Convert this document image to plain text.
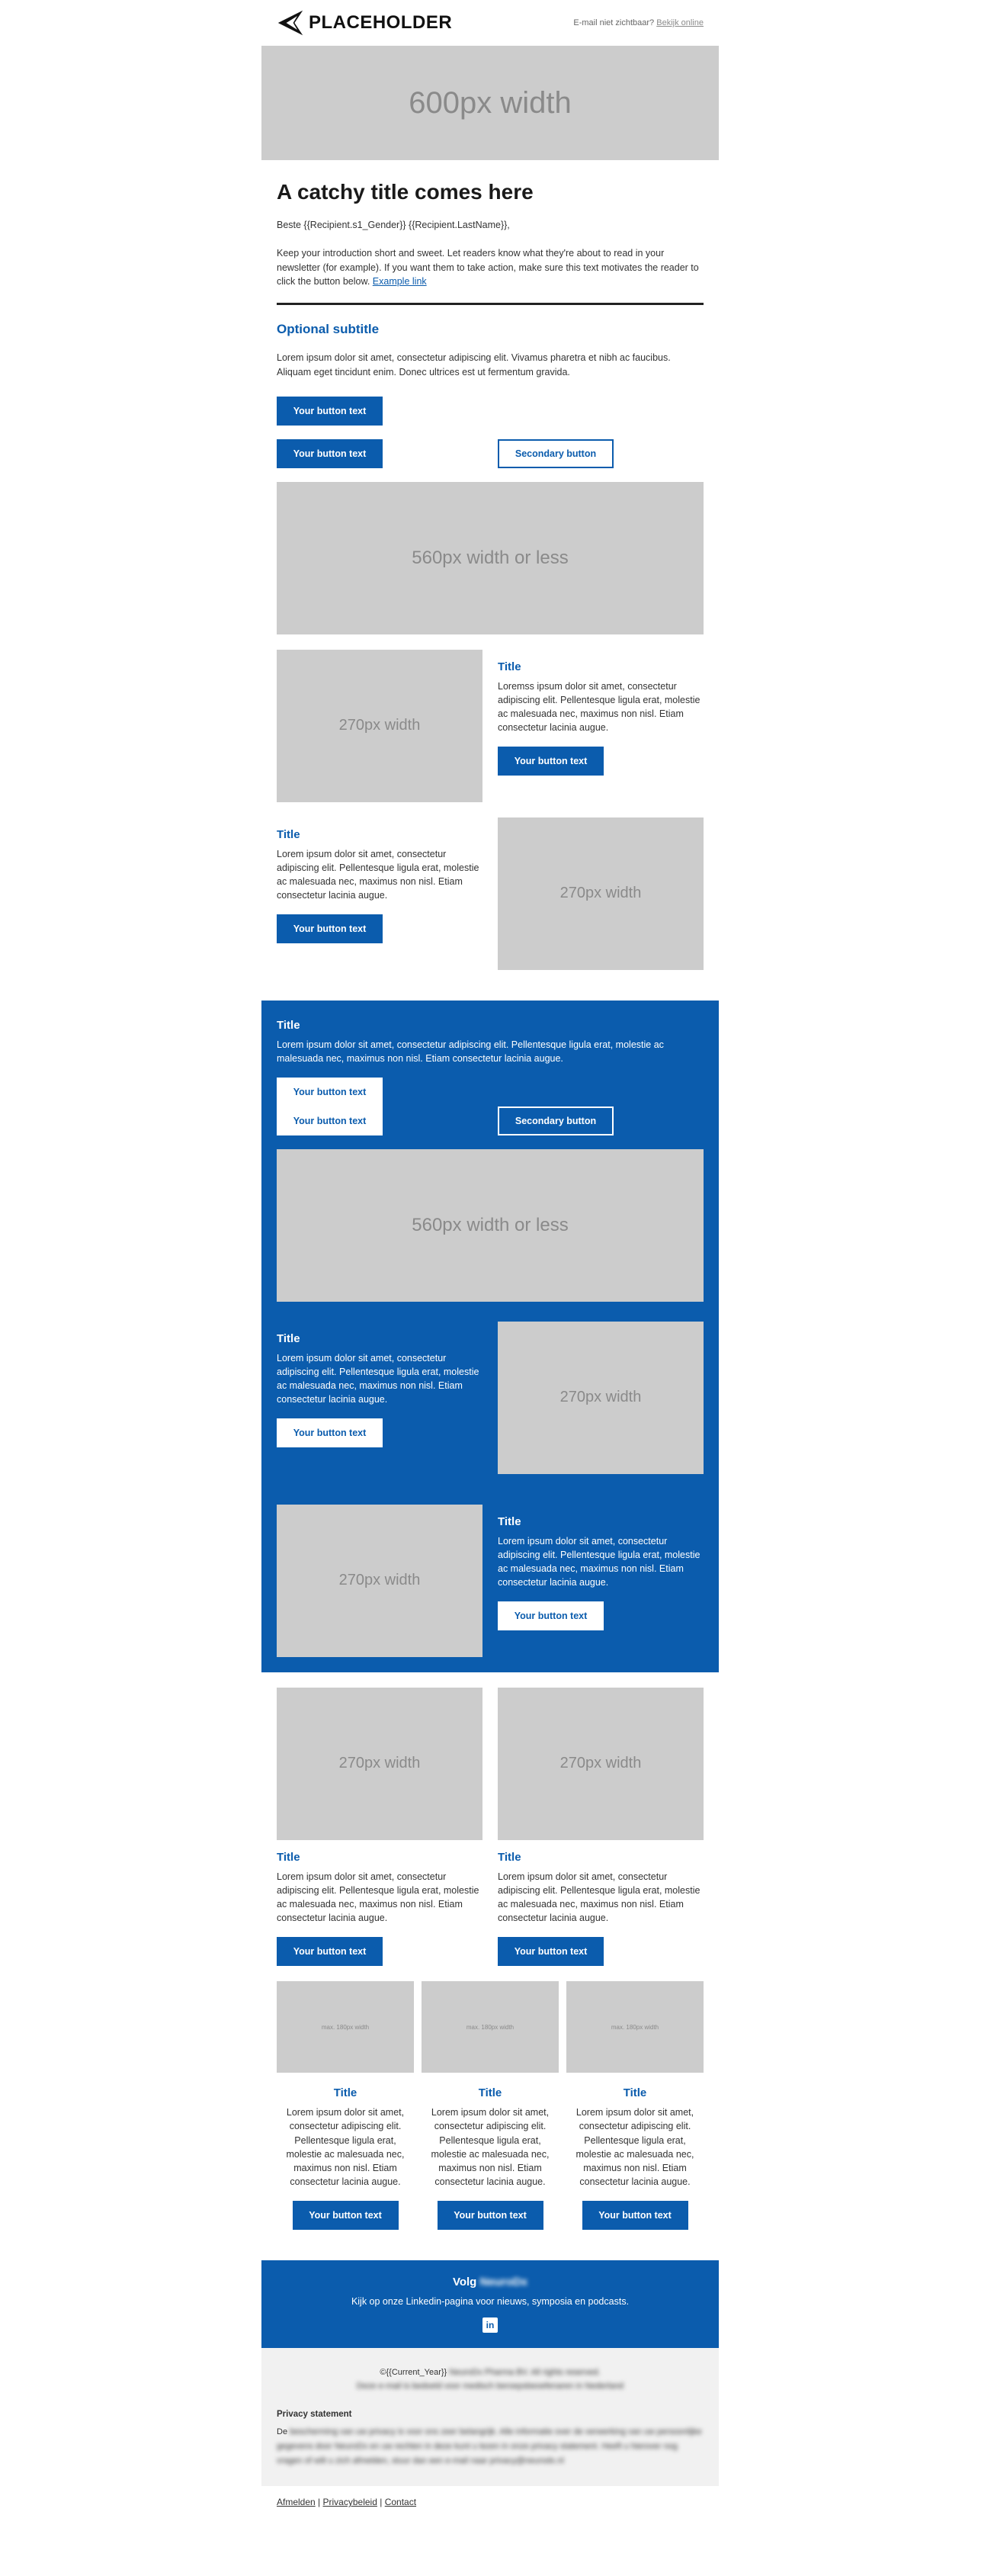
PLACEHOLDER	E-mail niet zichtbaar? Bekijk online
600px width
A catchy title comes here

Beste {{Recipient.s1_Gender}} {{Recipient.LastName}},

Keep your introduction short and sweet. Let readers know what they're about to read in your newsletter (for example). If you want them to take action, make sure this text motivates the reader to click the button below. Example link

Optional subtitle

Lorem ipsum dolor sit amet, consectetur adipiscing elit. Vivamus pharetra et nibh ac faucibus. Aliquam eget tincidunt enim. Donec ultrices est ut fermentum gravida.

Your button text
Your button text	Secondary button
560px width or less
270px width
Title

Loremss ipsum dolor sit amet, consectetur adipiscing elit. Pellentesque ligula erat, molestie ac malesuada nec, maximus non nisl. Etiam consectetur lacinia augue.

Your button text
Title

Lorem ipsum dolor sit amet, consectetur adipiscing elit. Pellentesque ligula erat, molestie ac malesuada nec, maximus non nisl. Etiam consectetur lacinia augue.

Your button text
270px width
Title

Lorem ipsum dolor sit amet, consectetur adipiscing elit. Pellentesque ligula erat, molestie ac malesuada nec, maximus non nisl. Etiam consectetur lacinia augue.

Your button text
Your button text	Secondary button
560px width or less
Title

Lorem ipsum dolor sit amet, consectetur adipiscing elit. Pellentesque ligula erat, molestie ac malesuada nec, maximus non nisl. Etiam consectetur lacinia augue.

Your button text
270px width
270px width
Title

Lorem ipsum dolor sit amet, consectetur adipiscing elit. Pellentesque ligula erat, molestie ac malesuada nec, maximus non nisl. Etiam consectetur lacinia augue.

Your button text
270px width
Title

Lorem ipsum dolor sit amet, consectetur adipiscing elit. Pellentesque ligula erat, molestie ac malesuada nec, maximus non nisl. Etiam consectetur lacinia augue.

Your button text
270px width
Title

Lorem ipsum dolor sit amet, consectetur adipiscing elit. Pellentesque ligula erat, molestie ac malesuada nec, maximus non nisl. Etiam consectetur lacinia augue.

Your button text
max. 180px width
Title

Lorem ipsum dolor sit amet, consectetur adipiscing elit. Pellentesque ligula erat, molestie ac malesuada nec, maximus non nisl. Etiam consectetur lacinia augue.

Your button text
max. 180px width
Title

Lorem ipsum dolor sit amet, consectetur adipiscing elit. Pellentesque ligula erat, molestie ac malesuada nec, maximus non nisl. Etiam consectetur lacinia augue.

Your button text
max. 180px width
Title

Lorem ipsum dolor sit amet, consectetur adipiscing elit. Pellentesque ligula erat, molestie ac malesuada nec, maximus non nisl. Etiam consectetur lacinia augue.

Your button text
Volg NeuroDx
Kijk op onze Linkedin-pagina voor nieuws, symposia en podcasts.
in
©{{Current_Year}} NeuroDx Pharma BV. All rights reserved.
Deze e-mail is bedoeld voor medisch beroepsbeoefenaren in Nederland
Privacy statement
De bescherming van uw privacy is voor ons zeer belangrijk. Alle informatie over de verwerking van uw persoonlijke gegevens door NeuroDx en uw rechten in deze kunt u lezen in onze privacy statement. Heeft u hierover nog vragen of wilt u zich afmelden, stuur dan een e-mail naar privacy@neurodx.nl
Afmelden | Privacybeleid | Contact
